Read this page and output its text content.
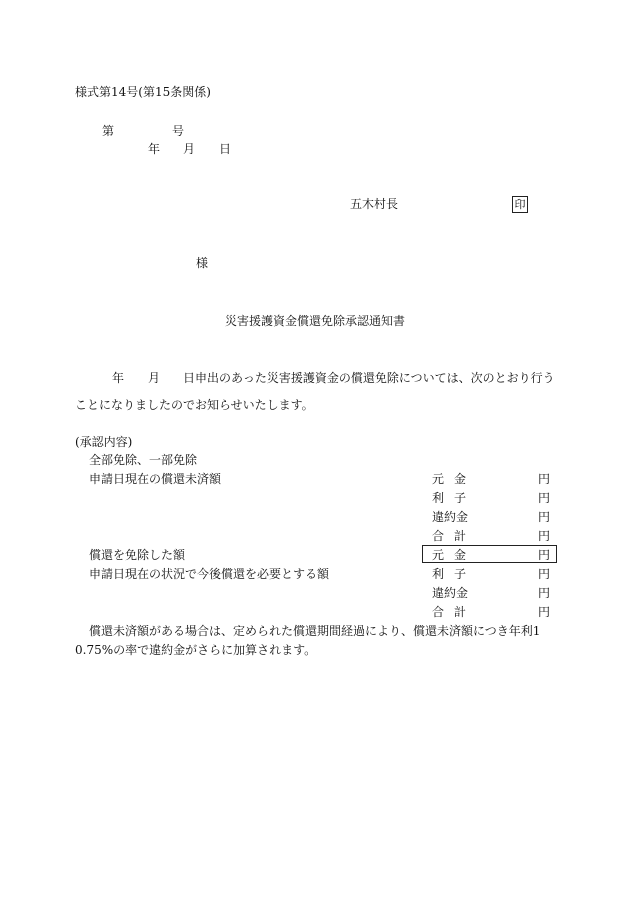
様式第14号(第15条関係)
第	号
年 月 日
五木村長	印
様
災害援護資金償還免除承認通知書
年 月 日申出のあった災害援護資金の償還免除については、次のとおり行う
ことになりましたのでお知らせいたします。
(承認内容)
全部免除、一部免除
申請日現在の償還未済額	元金	円
利子	円
違約金	円
合計	円
償還を免除した額	元金	円
申請日現在の状況で今後償還を必要とする額	利子	円
違約金	円
合計	円
償還未済額がある場合は、定められた償還期間経過により、償還未済額につき年利1
0.75%の率で違約金がさらに加算されます。
